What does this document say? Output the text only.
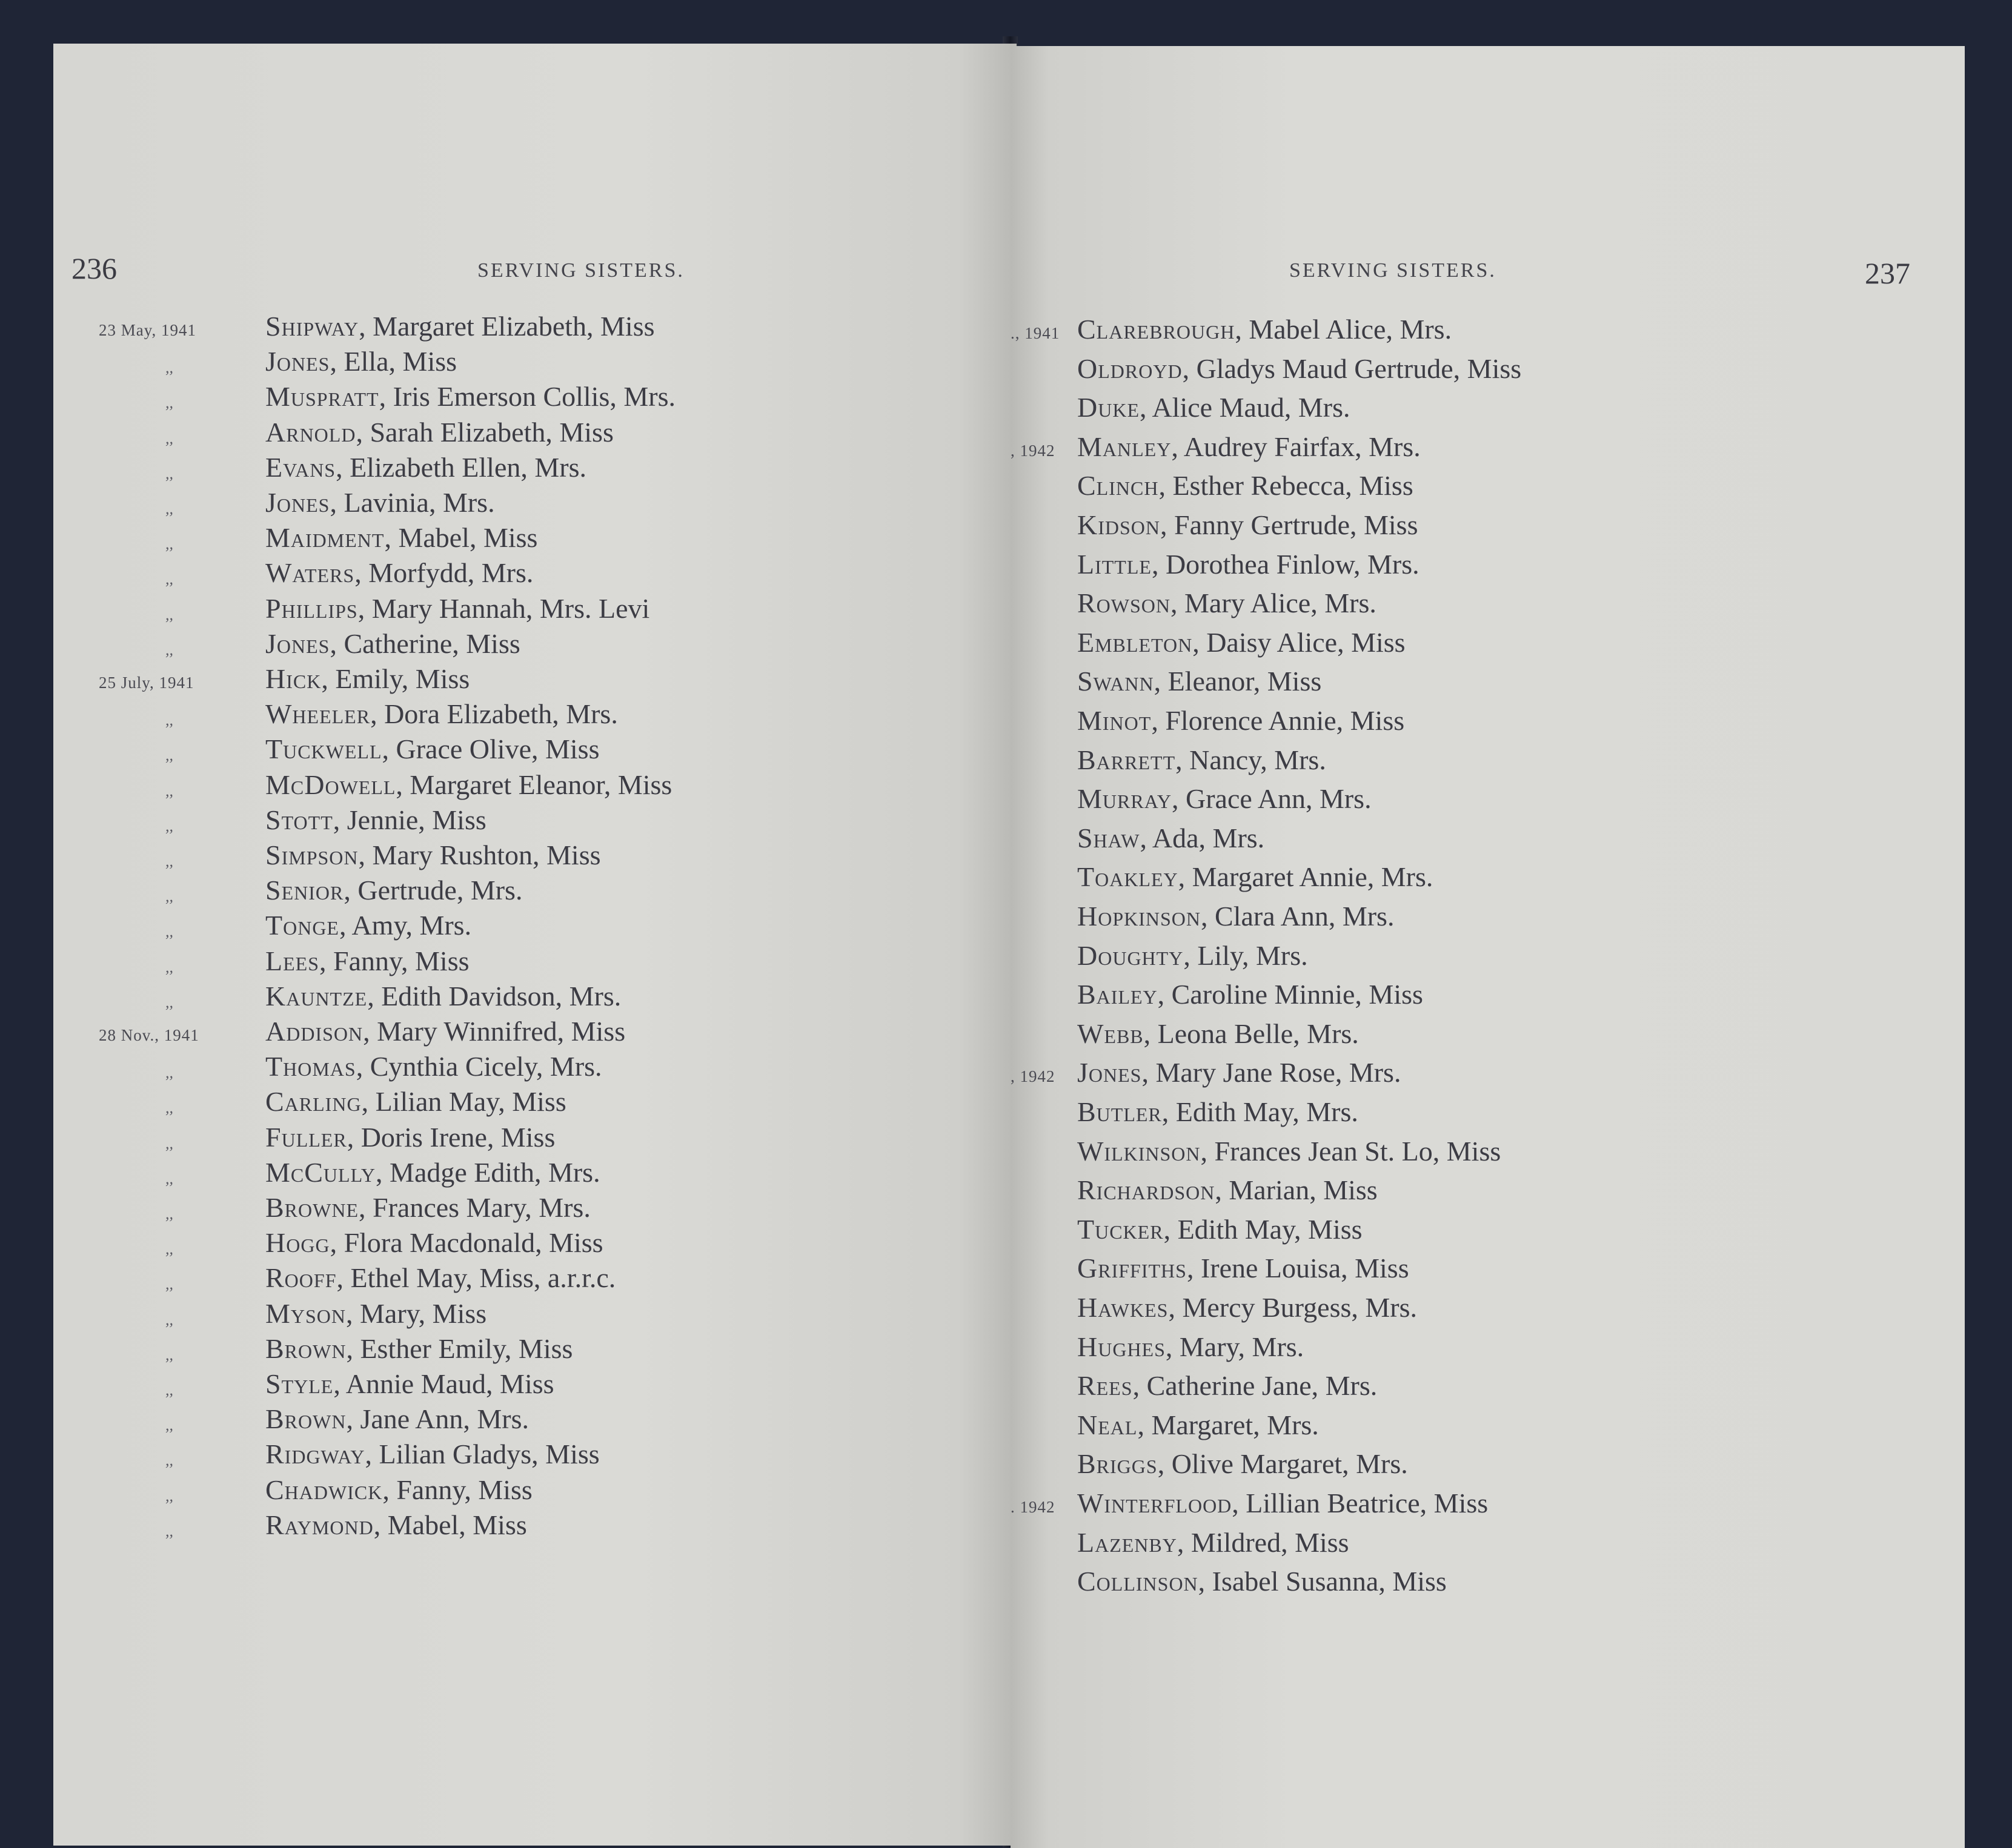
236	SERVING SISTERS.
23 May, 1941 Shipway, Margaret Elizabeth, Miss
,,	Jones, Ella, Miss
,,	Muspratt, Iris Emerson Collis, Mrs.
,,	Arnold, Sarah Elizabeth, Miss
,,	Evans, Elizabeth Ellen, Mrs.
,,	Jones, Lavinia, Mrs.
,,	Maidment, Mabel, Miss
,,	Waters, Morfydd, Mrs.
,,	Phillips, Mary Hannah, Mrs. Levi
,,	Jones, Catherine, Miss
25 July, 1941	Hick, Emily, Miss
,,	Wheeler, Dora Elizabeth, Mrs.
,,	Tuckwell, Grace Olive, Miss
,,	McDowell, Margaret Eleanor, Miss
,,	Stott, Jennie, Miss
,,	Simpson, Mary Rushton, Miss
,,	Senior, Gertrude, Mrs.
,,	Tonge, Amy, Mrs.
,,	Lees, Fanny, Miss
,,	Kauntze, Edith Davidson, Mrs.
28 Nov., 1941 Addison, Mary Winnifred, Miss
,,	Thomas, Cynthia Cicely, Mrs.
,,	Carling, Lilian May, Miss
,,	Fuller, Doris Irene, Miss
,,	McCully, Madge Edith, Mrs.
,,	Browne, Frances Mary, Mrs.
,,	Hogg, Flora Macdonald, Miss
,,	Rooff, Ethel May, Miss, a.r.r.c.
,,	Myson, Mary, Miss
,,	Brown, Esther Emily, Miss
,,	Style, Annie Maud, Miss
,,	Brown, Jane Ann, Mrs.
,,	Ridgway, Lilian Gladys, Miss
,,	Chadwick, Fanny, Miss
,,	Raymond, Mabel, Miss
SERVING SISTERS.	237
., 1941 Clarebrough, Mabel Alice, Mrs.
Oldroyd, Gladys Maud Gertrude, Miss
Duke, Alice Maud, Mrs.
, 1942 Manley, Audrey Fairfax, Mrs.
Clinch, Esther Rebecca, Miss
Kidson, Fanny Gertrude, Miss
Little, Dorothea Finlow, Mrs.
Rowson, Mary Alice, Mrs.
Embleton, Daisy Alice, Miss
Swann, Eleanor, Miss
Minot, Florence Annie, Miss
Barrett, Nancy, Mrs.
Murray, Grace Ann, Mrs.
Shaw, Ada, Mrs.
Toakley, Margaret Annie, Mrs.
Hopkinson, Clara Ann, Mrs.
Doughty, Lily, Mrs.
Bailey, Caroline Minnie, Miss
Webb, Leona Belle, Mrs.
, 1942 Jones, Mary Jane Rose, Mrs.
Butler, Edith May, Mrs.
Wilkinson, Frances Jean St. Lo, Miss
Richardson, Marian, Miss
Tucker, Edith May, Miss
Griffiths, Irene Louisa, Miss
Hawkes, Mercy Burgess, Mrs.
Hughes, Mary, Mrs.
Rees, Catherine Jane, Mrs.
Neal, Margaret, Mrs.
Briggs, Olive Margaret, Mrs.
. 1942 Winterflood, Lillian Beatrice, Miss
Lazenby, Mildred, Miss
Collinson, Isabel Susanna, Miss
